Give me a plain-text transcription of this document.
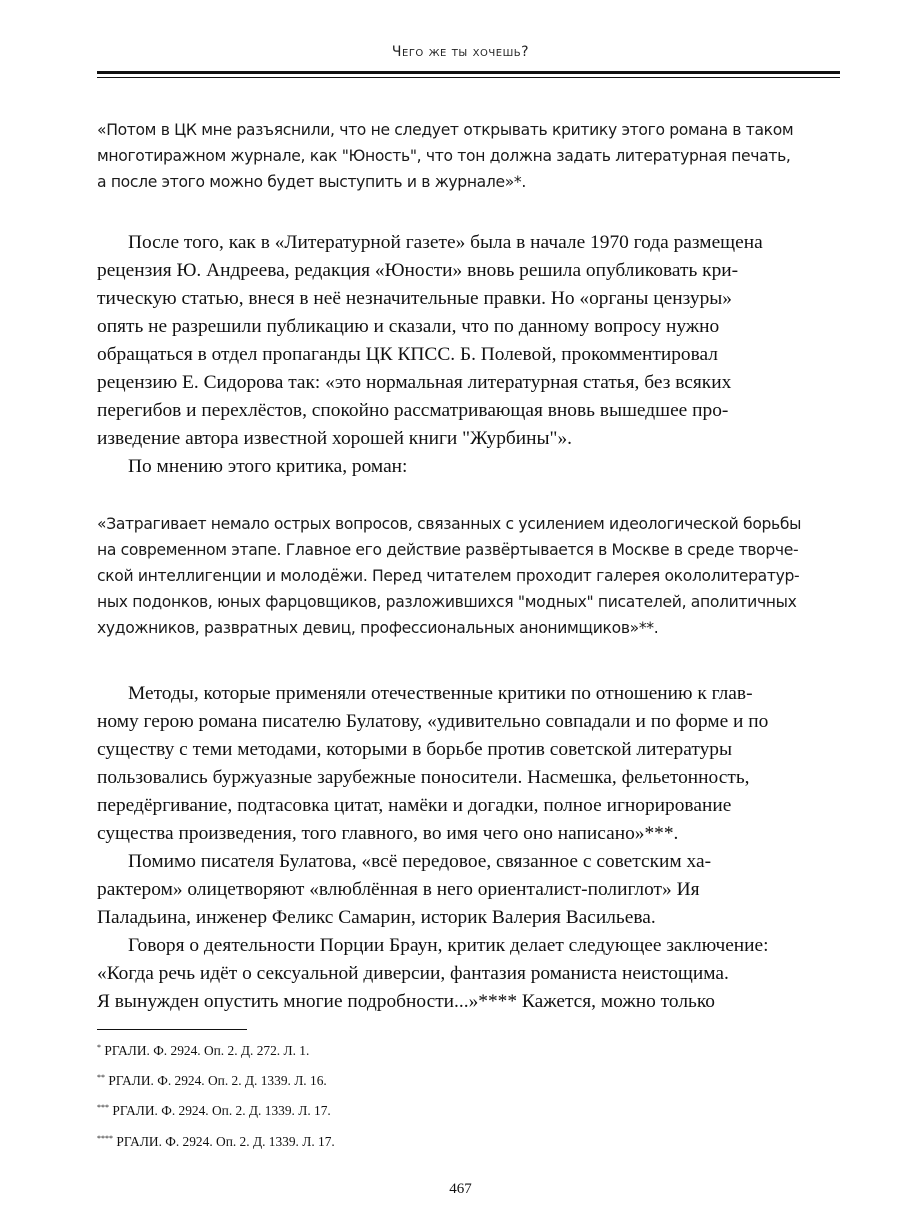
Чего же ты хочешь?
«Потом в ЦК мне разъяснили, что не следует открывать критику этого романа в таком
многотиражном журнале, как "Юность", что тон должна задать литературная печать,
а после этого можно будет выступить и в журнале»*.
После того, как в «Литературной газете» была в начале 1970 года размещена
рецензия Ю. Андреева, редакция «Юности» вновь решила опубликовать кри-
тическую статью, внеся в неё незначительные правки. Но «органы цензуры»
опять не разрешили публикацию и сказали, что по данному вопросу нужно
обращаться в отдел пропаганды ЦК КПСС. Б. Полевой, прокомментировал
рецензию Е. Сидорова так: «это нормальная литературная статья, без всяких
перегибов и перехлёстов, спокойно рассматривающая вновь вышедшее про-
изведение автора известной хорошей книги "Журбины"».
По мнению этого критика, роман:
«Затрагивает немало острых вопросов, связанных с усилением идеологической борьбы
на современном этапе. Главное его действие развёртывается в Москве в среде творче-
ской интеллигенции и молодёжи. Перед читателем проходит галерея окололитератур-
ных подонков, юных фарцовщиков, разложившихся "модных" писателей, аполитичных
художников, развратных девиц, профессиональных анонимщиков»**.
Методы, которые применяли отечественные критики по отношению к глав-
ному герою романа писателю Булатову, «удивительно совпадали и по форме и по
существу с теми методами, которыми в борьбе против советской литературы
пользовались буржуазные зарубежные поносители. Насмешка, фельетонность,
передёргивание, подтасовка цитат, намёки и догадки, полное игнорирование
существа произведения, того главного, во имя чего оно написано»***.
Помимо писателя Булатова, «всё передовое, связанное с советским ха-
рактером» олицетворяют «влюблённая в него ориенталист-полиглот» Ия
Паладьина, инженер Феликс Самарин, историк Валерия Васильева.
Говоря о деятельности Порции Браун, критик делает следующее заключение:
«Когда речь идёт о сексуальной диверсии, фантазия романиста неистощима.
Я вынужден опустить многие подробности...»**** Кажется, можно только
* РГАЛИ. Ф. 2924. Оп. 2. Д. 272. Л. 1.
** РГАЛИ. Ф. 2924. Оп. 2. Д. 1339. Л. 16.
*** РГАЛИ. Ф. 2924. Оп. 2. Д. 1339. Л. 17.
**** РГАЛИ. Ф. 2924. Оп. 2. Д. 1339. Л. 17.
467
